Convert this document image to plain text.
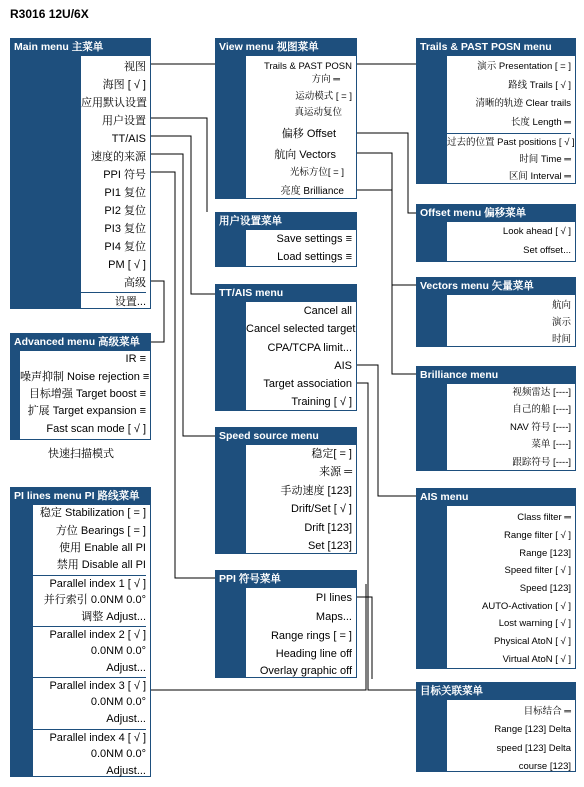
R3016 12U/6X
Main menu 主菜单
视图
海图 [ √ ]
应用默认设置
用户设置
TT/AIS
速度的来源
PPI 符号
PI1 复位
PI2 复位
PI3 复位
PI4 复位
PM [ √ ]
高级
设置...
Advanced menu 高级菜单
IR ≡
噪声抑制 Noise rejection ≡
目标增强 Target boost ≡
扩展 Target expansion ≡
Fast scan mode [ √ ]
PI lines menu PI 路线菜单
稳定 Stabilization [ = ]
方位 Bearings [ = ]
使用 Enable all PI
禁用 Disable all PI
Parallel index 1 [ √ ]
并行索引 0.0NM 0.0°
调整 Adjust...
Parallel index 2 [ √ ]
0.0NM 0.0°
Adjust...
Parallel index 3 [ √ ]
0.0NM 0.0°
Adjust...
Parallel index 4 [ √ ]
0.0NM 0.0°
Adjust...
View menu 视图菜单
Trails & PAST POSN
方向 ═
运动模式 [ = ]
真运动复位
偏移 Offset
航向 Vectors
光标方位[ = ]
亮度 Brilliance
用户设置菜单
Save settings ≡
Load settings ≡
TT/AIS menu
Cancel all
Cancel selected target
CPA/TCPA limit...
AIS
Target association
Training [ √ ]
Speed source menu
稳定[ = ]
来源 ═
手动速度 [123]
Drift/Set [ √ ]
Drift [123]
Set [123]
PPI 符号菜单
PI lines
Maps...
Range rings [ = ]
Heading line off
Overlay graphic off
Trails & PAST POSN menu
演示 Presentation [ = ]
路线 Trails [ √ ]
清晰的轨迹 Clear trails
长度 Length ═
过去的位置 Past positions [ √ ]
时间 Time ═
区间 Interval ═
Offset menu 偏移菜单
Look ahead [ √ ]
Set offset...
Vectors menu 矢量菜单
航向
演示
时间
Brilliance menu
视频雷达 [----]
自己的船 [----]
NAV 符号 [----]
菜单 [----]
跟踪符号 [----]
AIS menu
Class filter ═
Range filter [ √ ]
Range [123]
Speed filter [ √ ]
Speed [123]
AUTO-Activation [ √ ]
Lost warning [ √ ]
Physical AtoN [ √ ]
Virtual AtoN [ √ ]
目标关联菜单
目标结合 ═
Range [123] Delta
speed [123] Delta
course [123]
快速扫描模式
